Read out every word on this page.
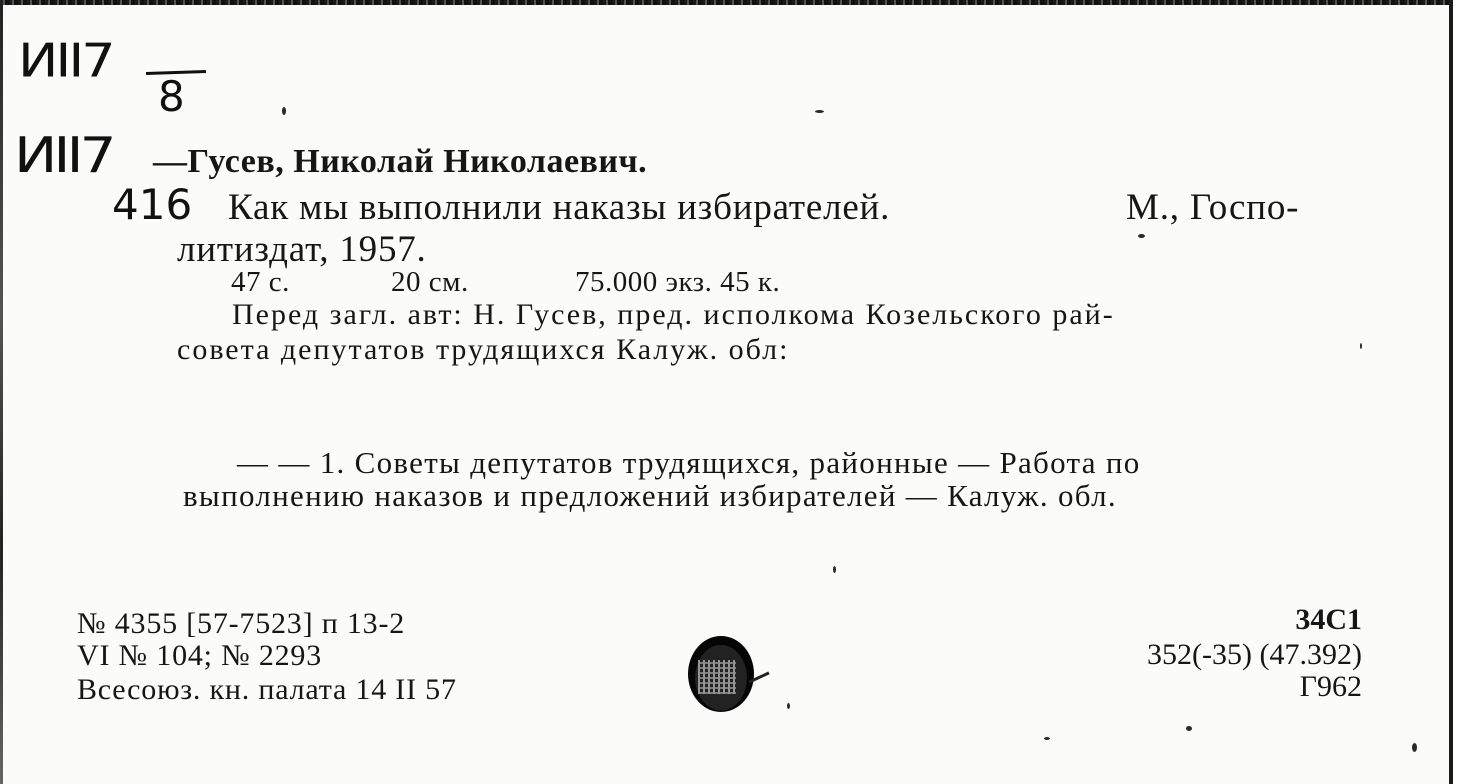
ИII7
8
ИII7
416
—Гусев, Николай Николаевич.
Как мы выполнили наказы избирателей.	М., Госпо-
литиздат, 1957.
47 с.	20 см.	75.000 экз. 45 к.
Перед загл. авт: Н. Гусев, пред. исполкома Козельского рай-
совета депутатов трудящихся Калуж. обл:
— — 1. Советы депутатов трудящихся, районные — Работа по
выполнению наказов и предложений избирателей — Калуж. обл.
№ 4355 [57-7523] п 13-2
VI № 104; № 2293
Всесоюз. кн. палата 14 II 57
34С1
352(-35) (47.392)
Г962
